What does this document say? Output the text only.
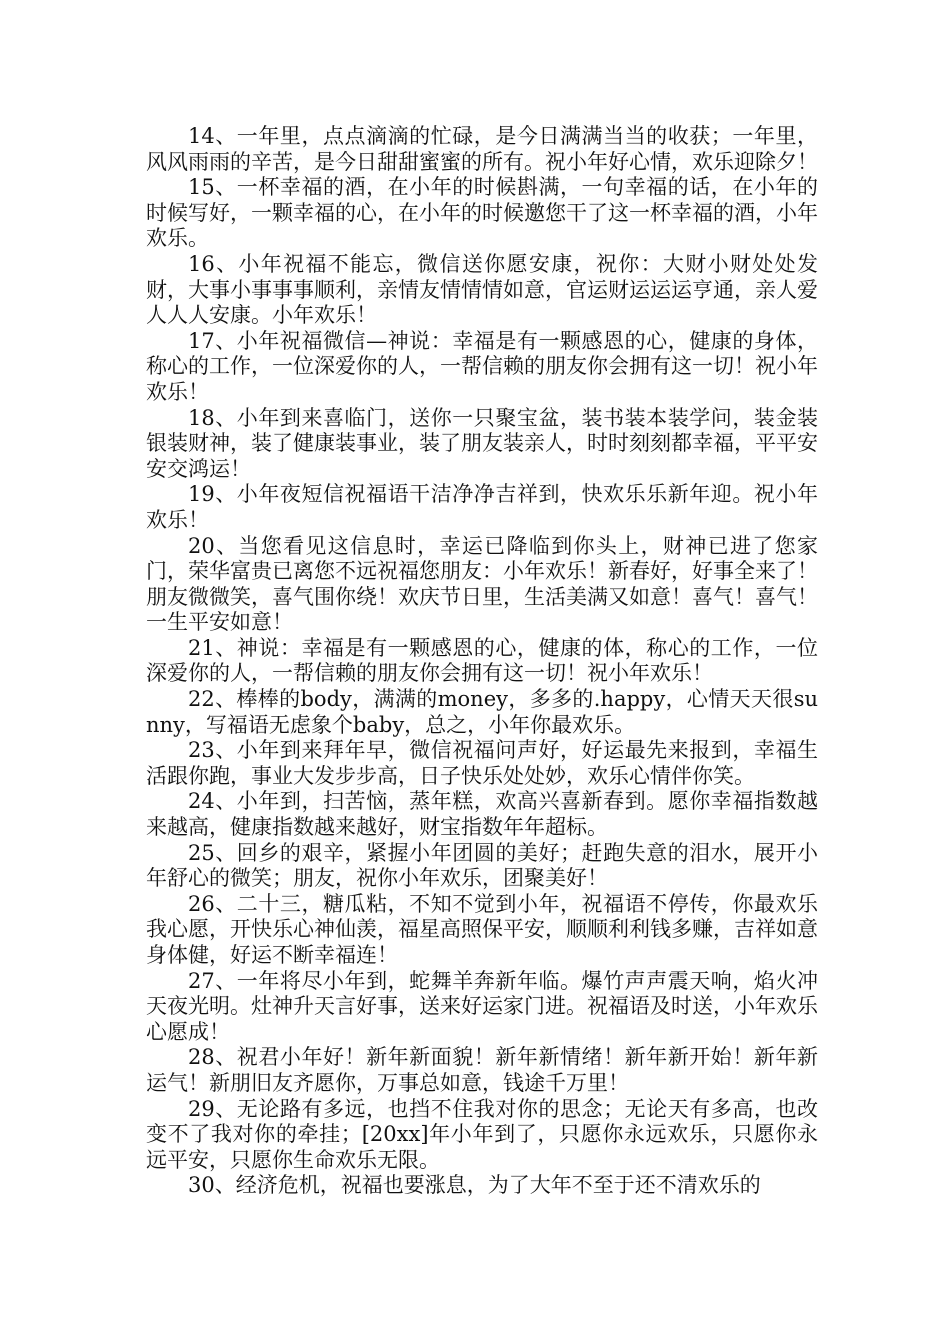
14、一年里，点点滴滴的忙碌，是今日满满当当的收获；一年里，风风雨雨的辛苦，是今日甜甜蜜蜜的所有。祝小年好心情，欢乐迎除夕！

15、一杯幸福的酒，在小年的时候斟满，一句幸福的话，在小年的时候写好，一颗幸福的心，在小年的时候邀您干了这一杯幸福的酒，小年欢乐。

16、小年祝福不能忘，微信送你愿安康，祝你：大财小财处处发财，大事小事事事顺利，亲情友情情情如意，官运财运运运亨通，亲人爱人人人安康。小年欢乐！

17、小年祝福微信—神说：幸福是有一颗感恩的心，健康的身体，称心的工作，一位深爱你的人，一帮信赖的朋友你会拥有这一切！祝小年欢乐！

18、小年到来喜临门，送你一只聚宝盆，装书装本装学问，装金装银装财神，装了健康装事业，装了朋友装亲人，时时刻刻都幸福，平平安安交鸿运！

19、小年夜短信祝福语干洁净净吉祥到，快欢乐乐新年迎。祝小年欢乐！

20、当您看见这信息时，幸运已降临到你头上，财神已进了您家门，荣华富贵已离您不远祝福您朋友：小年欢乐！新春好，好事全来了！朋友微微笑，喜气围你绕！欢庆节日里，生活美满又如意！喜气！喜气！一生平安如意！

21、神说：幸福是有一颗感恩的心，健康的体，称心的工作，一位深爱你的人，一帮信赖的朋友你会拥有这一切！祝小年欢乐！

22、棒棒的body，满满的money，多多的.happy，心情天天很sunny，写福语无虑象个baby，总之，小年你最欢乐。

23、小年到来拜年早，微信祝福问声好，好运最先来报到，幸福生活跟你跑，事业大发步步高，日子快乐处处妙，欢乐心情伴你笑。

24、小年到，扫苦恼，蒸年糕，欢高兴喜新春到。愿你幸福指数越来越高，健康指数越来越好，财宝指数年年超标。

25、回乡的艰辛，紧握小年团圆的美好；赶跑失意的泪水，展开小年舒心的微笑；朋友，祝你小年欢乐，团聚美好！

26、二十三，糖瓜粘，不知不觉到小年，祝福语不停传，你最欢乐我心愿，开快乐心神仙羡，福星高照保平安，顺顺利利钱多赚，吉祥如意身体健，好运不断幸福连！

27、一年将尽小年到，蛇舞羊奔新年临。爆竹声声震天响，焰火冲天夜光明。灶神升天言好事，送来好运家门进。祝福语及时送，小年欢乐心愿成！

28、祝君小年好！新年新面貌！新年新情绪！新年新开始！新年新运气！新朋旧友齐愿你，万事总如意，钱途千万里！

29、无论路有多远，也挡不住我对你的思念；无论天有多高，也改变不了我对你的牵挂；[20xx]年小年到了，只愿你永远欢乐，只愿你永远平安，只愿你生命欢乐无限。

30、经济危机，祝福也要涨息，为了大年不至于还不清欢乐的
